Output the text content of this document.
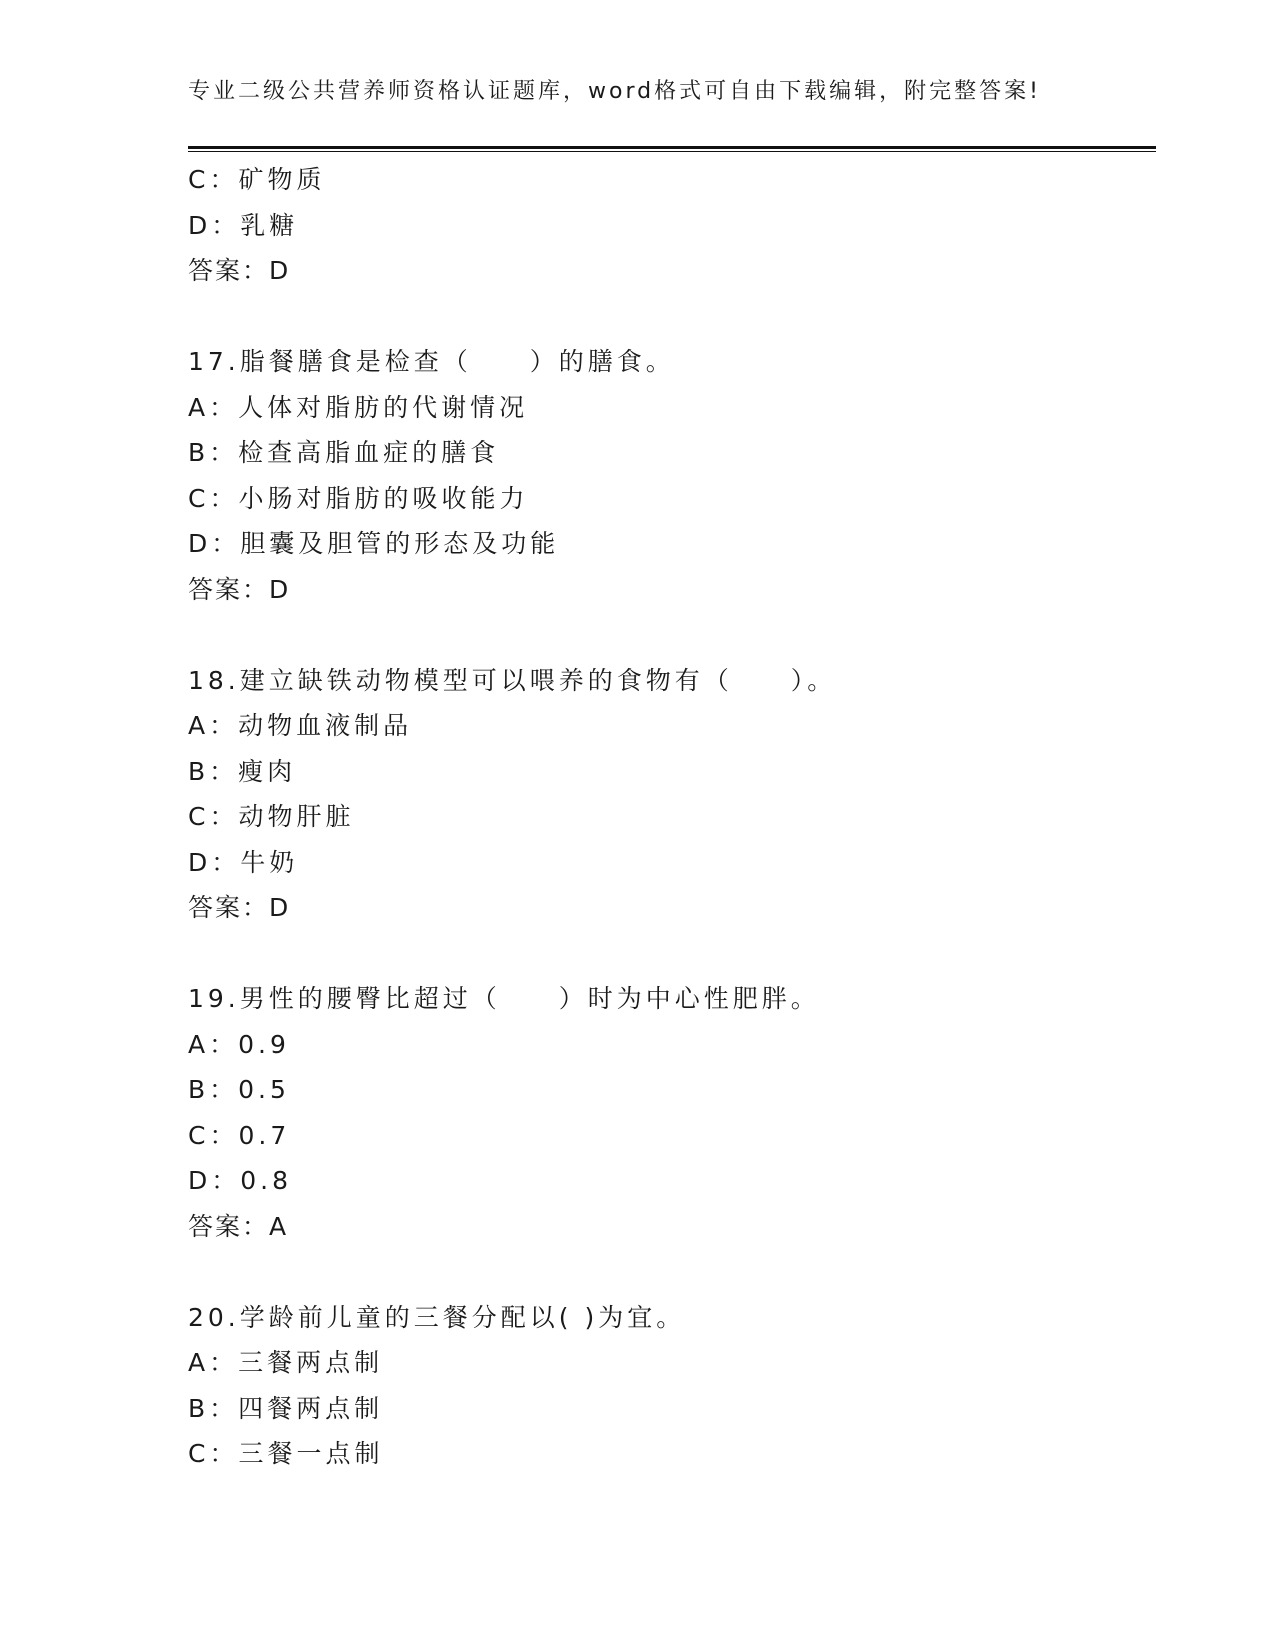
专业二级公共营养师资格认证题库，word格式可自由下载编辑，附完整答案!
C：矿物质
D：乳糖
答案：D
17.脂餐膳食是检查（　　）的膳食。
A：人体对脂肪的代谢情况
B：检查高脂血症的膳食
C：小肠对脂肪的吸收能力
D：胆囊及胆管的形态及功能
答案：D
18.建立缺铁动物模型可以喂养的食物有（　　）。
A：动物血液制品
B：瘦肉
C：动物肝脏
D：牛奶
答案：D
19.男性的腰臀比超过（　　）时为中心性肥胖。
A：0.9
B：0.5
C：0.7
D：0.8
答案：A
20.学龄前儿童的三餐分配以( )为宜。
A：三餐两点制
B：四餐两点制
C：三餐一点制
